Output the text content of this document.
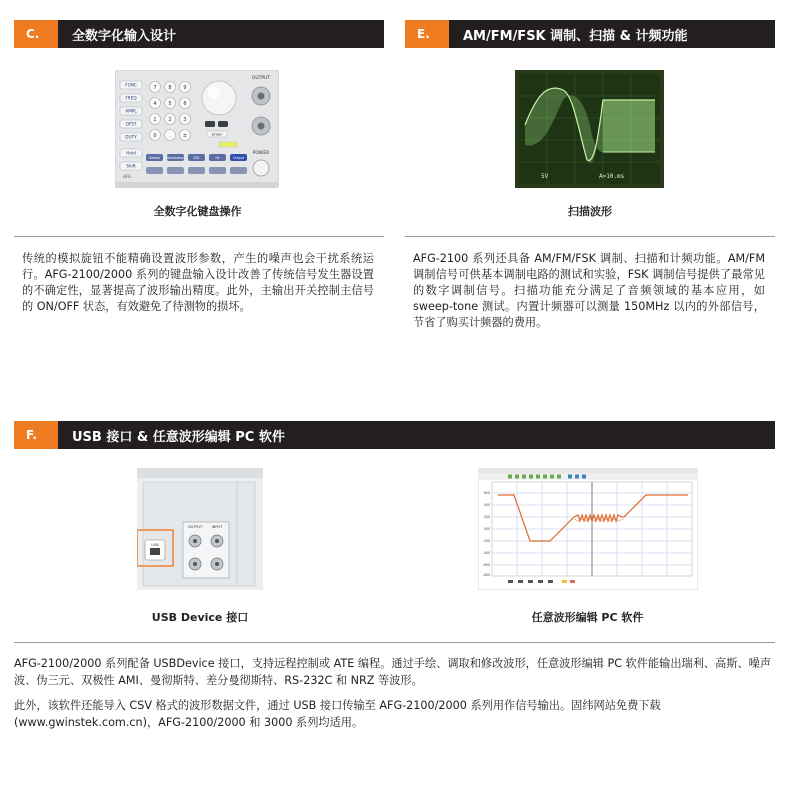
C.	全数字化输入设计	E.	AM/FM/FSK 调制、扫描 & 计频功能
FUNC
FREQ
AMPL
OFST
DUTY
Hold
Shift
AFG
7 8 9
4 5 6
1 2 3
0	. ±	Enter
OUTPUT
POWER
Sweep Modulation	FSK	Hz	Output
5V	A=10.ms
全数字化键盘操作	扫描波形
传统的模拟旋钮不能精确设置波形参数，产生的噪声也会干扰系统运行。AFG-2100/2000 系列的键盘输入设计改善了传统信号发生器设置的不确定性，显著提高了波形输出精度。此外，主输出开关控制主信号的 ON/OFF 状态，有效避免了待测物的损坏。
AFG-2100 系列还具备 AM/FM/FSK 调制、扫描和计频功能。AM/FM 调制信号可供基本调制电路的测试和实验，FSK 调制信号提供了最常见的数字调制信号。扫描功能充分满足了音频领域的基本应用，如 sweep-tone 测试。内置计频器可以测量 150MHz 以内的外部信号，节省了购买计频器的费用。
F.	USB 接口 & 任意波形编辑 PC 软件
USB
OUTPUT	INPUT
600
400
200
000
-200
-400
-600
-800
USB Device 接口	任意波形编辑 PC 软件
AFG-2100/2000 系列配备 USBDevice 接口，支持远程控制或 ATE 编程。通过手绘、调取和修改波形，任意波形编辑 PC 软件能输出瑞利、高斯、噪声波、伪三元、双极性 AMI、曼彻斯特、差分曼彻斯特、RS-232C 和 NRZ 等波形。
此外，该软件还能导入 CSV 格式的波形数据文件，通过 USB 接口传输至 AFG-2100/2000 系列用作信号输出。固纬网站免费下载 (www.gwinstek.com.cn)，AFG-2100/2000 和 3000 系列均适用。
